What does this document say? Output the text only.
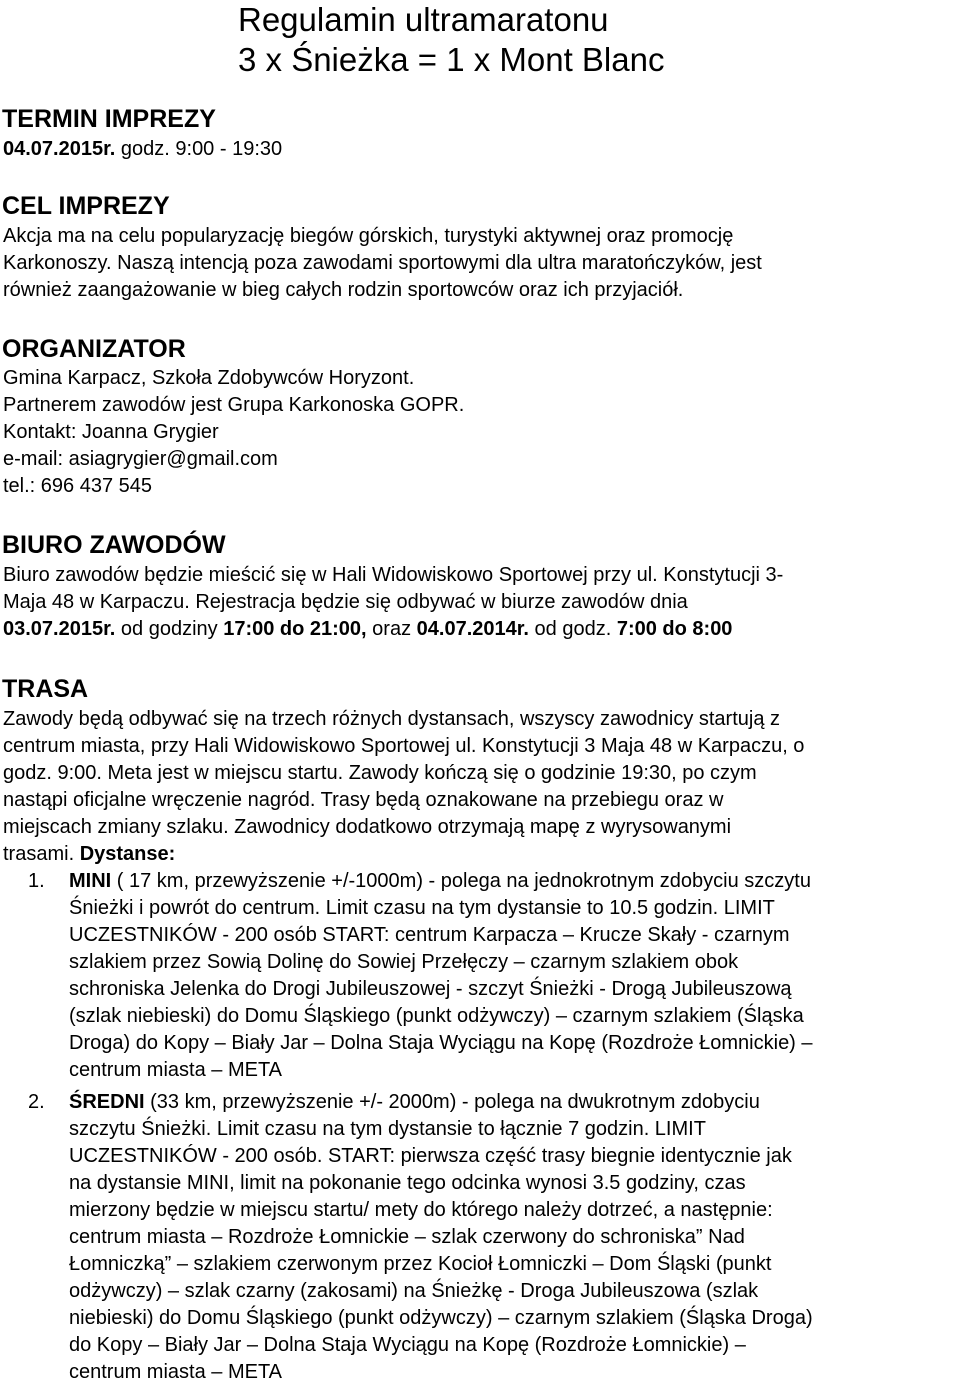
Regulamin ultramaratonu
3 x Śnieżka = 1 x Mont Blanc
TERMIN IMPREZY
04.07.2015r. godz. 9:00 - 19:30
CEL IMPREZY
Akcja ma na celu popularyzację biegów górskich, turystyki aktywnej oraz promocję
Karkonoszy. Naszą intencją poza zawodami sportowymi dla ultra maratończyków, jest
również zaangażowanie w bieg całych rodzin sportowców oraz ich przyjaciół.
ORGANIZATOR
Gmina Karpacz, Szkoła Zdobywców Horyzont.
Partnerem zawodów jest Grupa Karkonoska GOPR.
Kontakt: Joanna Grygier
e-mail: asiagrygier@gmail.com
tel.: 696 437 545
BIURO ZAWODÓW
Biuro zawodów będzie mieścić się w Hali Widowiskowo Sportowej przy ul. Konstytucji 3-
Maja 48 w Karpaczu. Rejestracja będzie się odbywać w biurze zawodów dnia
03.07.2015r. od godziny 17:00 do 21:00, oraz 04.07.2014r. od godz. 7:00 do 8:00
TRASA
Zawody będą odbywać się na trzech różnych dystansach, wszyscy zawodnicy startują z
centrum miasta, przy Hali Widowiskowo Sportowej ul. Konstytucji 3 Maja 48 w Karpaczu, o
godz. 9:00. Meta jest w miejscu startu. Zawody kończą się o godzinie 19:30, po czym
nastąpi oficjalne wręczenie nagród. Trasy będą oznakowane na przebiegu oraz w
miejscach zmiany szlaku. Zawodnicy dodatkowo otrzymają mapę z wyrysowanymi
trasami. Dystanse:
1. MINI ( 17 km, przewyższenie +/-1000m) - polega na jednokrotnym zdobyciu szczytu
Śnieżki i powrót do centrum. Limit czasu na tym dystansie to 10.5 godzin. LIMIT
UCZESTNIKÓW - 200 osób START: centrum Karpacza – Krucze Skały - czarnym
szlakiem przez Sowią Dolinę do Sowiej Przełęczy – czarnym szlakiem obok
schroniska Jelenka do Drogi Jubileuszowej - szczyt Śnieżki - Drogą Jubileuszową
(szlak niebieski) do Domu Śląskiego (punkt odżywczy) – czarnym szlakiem (Śląska
Droga) do Kopy – Biały Jar – Dolna Staja Wyciągu na Kopę (Rozdroże Łomnickie) –
centrum miasta – META
2. ŚREDNI (33 km, przewyższenie +/- 2000m) - polega na dwukrotnym zdobyciu
szczytu Śnieżki. Limit czasu na tym dystansie to łącznie 7 godzin. LIMIT
UCZESTNIKÓW - 200 osób. START: pierwsza część trasy biegnie identycznie jak
na dystansie MINI, limit na pokonanie tego odcinka wynosi 3.5 godziny, czas
mierzony będzie w miejscu startu/ mety do którego należy dotrzeć, a następnie:
centrum miasta – Rozdroże Łomnickie – szlak czerwony do schroniska” Nad
Łomniczką” – szlakiem czerwonym przez Kocioł Łomniczki – Dom Śląski (punkt
odżywczy) – szlak czarny (zakosami) na Śnieżkę - Droga Jubileuszowa (szlak
niebieski) do Domu Śląskiego (punkt odżywczy) – czarnym szlakiem (Śląska Droga)
do Kopy – Biały Jar – Dolna Staja Wyciągu na Kopę (Rozdroże Łomnickie) –
centrum miasta – META
